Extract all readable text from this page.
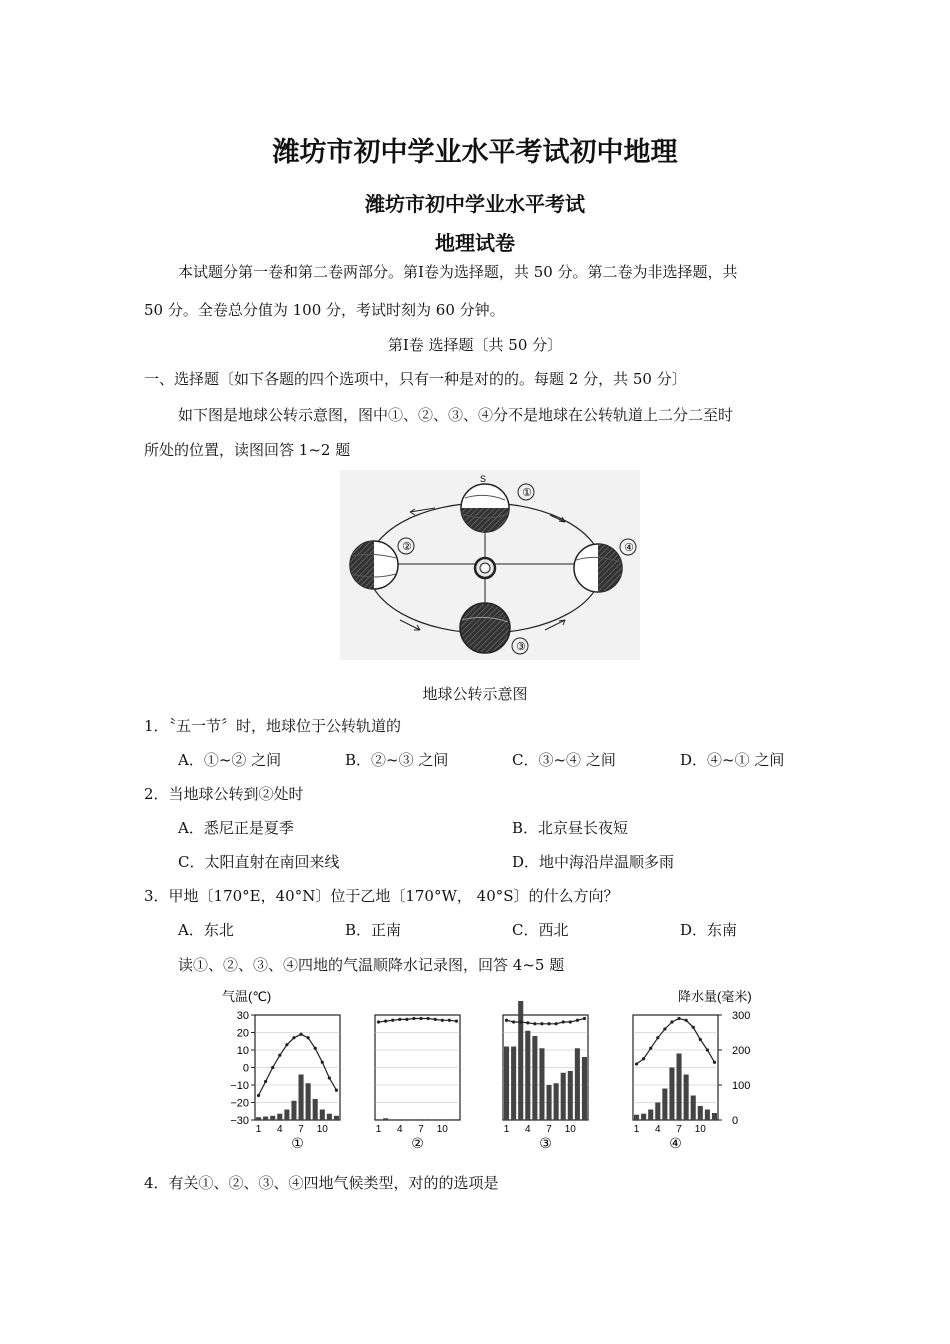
潍坊市初中学业水平考试初中地理
潍坊市初中学业水平考试
地理试卷
本试题分第一卷和第二卷两部分。第Ⅰ卷为选择题，共 50 分。第二卷为非选择题，共
50 分。全卷总分值为 100 分，考试时刻为 60 分钟。
第Ⅰ卷 选择题〔共 50 分〕
一、选择题〔如下各题的四个选项中，只有一种是对的的。每题 2 分，共 50 分〕
如下图是地球公转示意图，图中①、②、③、④分不是地球在公转轨道上二分二至时
所处的位置，读图回答 1~2 题
S
①
②
③
④
地球公转示意图
1．〝五一节〞时，地球位于公转轨道的
A．①~② 之间	B．②~③ 之间	C．③~④ 之间	D．④~① 之间
2．当地球公转到②处时
A．悉尼正是夏季	B．北京昼长夜短
C．太阳直射在南回来线	D．地中海沿岸温顺多雨
3．甲地〔170°E，40°N〕位于乙地〔170°W， 40°S〕的什么方向？
A．东北	B．正南	C．西北	D．东南
读①、②、③、④四地的气温顺降水记录图，回答 4~5 题
气温(℃)	降水量(毫米)
30
20
10
0
−10
−20
−30
300
200
100
0
1 4 7 10
①
1 4 7 10
②
1 4 7 10
③
1 4 7 10
④
4．有关①、②、③、④四地气候类型，对的的选项是
